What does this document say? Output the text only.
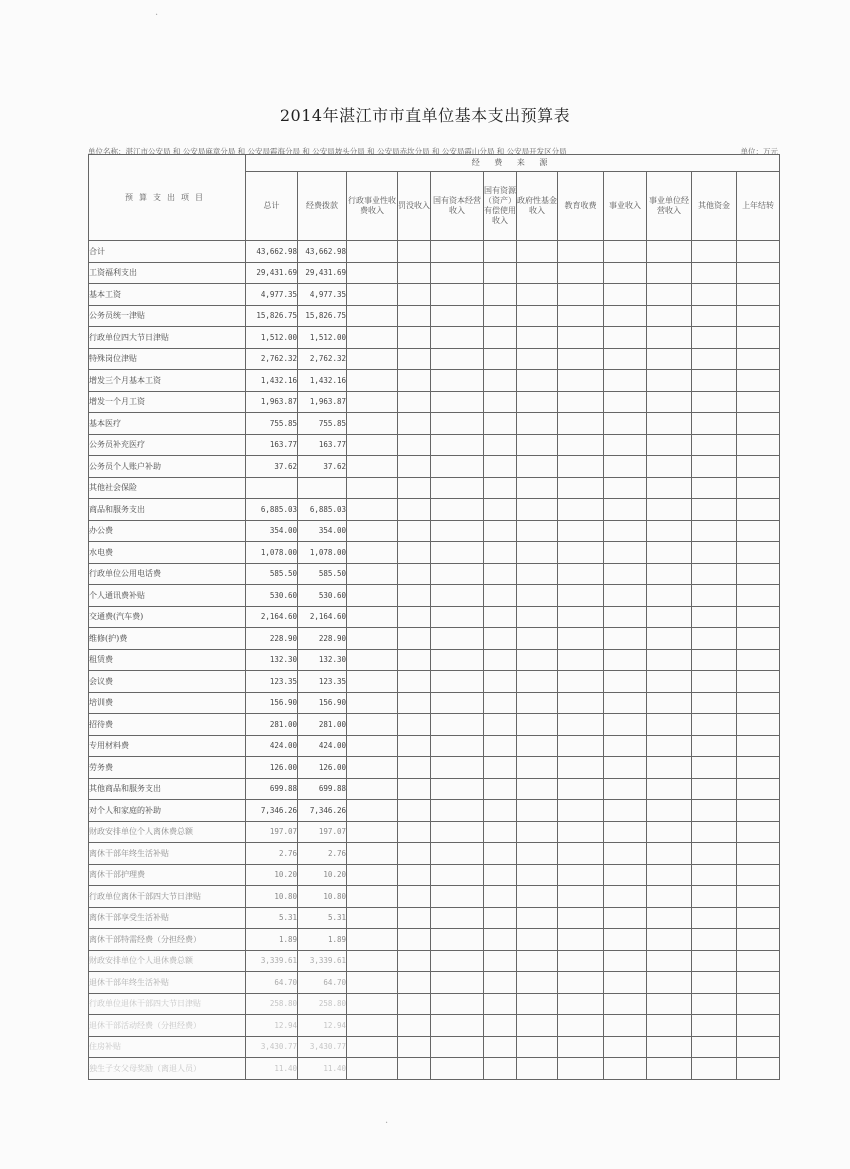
2014年湛江市市直单位基本支出预算表
单位名称：湛江市公安局 和 公安局麻章分局 和 公安局霞海分局 和 公安局坡头分局 和 公安局赤坎分局 和 公安局霞山分局 和 公安局开发区分局	单位：万元
预算支出项目	经 费 来 源											
	总计	经费拨款	行政事业性收费收入	罚没收入	国有资本经营收入	国有资源（资产）有偿使用收入	政府性基金收入	教育收费	事业收入	事业单位经营收入	其他资金	上年结转
合计	43,662.98	43,662.98										
工资福利支出	29,431.69	29,431.69										
基本工资	4,977.35	4,977.35										
公务员统一津贴	15,826.75	15,826.75										
行政单位四大节日津贴	1,512.00	1,512.00										
特殊岗位津贴	2,762.32	2,762.32										
增发三个月基本工资	1,432.16	1,432.16										
增发一个月工资	1,963.87	1,963.87										
基本医疗	755.85	755.85										
公务员补充医疗	163.77	163.77										
公务员个人账户补助	37.62	37.62										
其他社会保险												
商品和服务支出	6,885.03	6,885.03										
办公费	354.00	354.00										
水电费	1,078.00	1,078.00										
行政单位公用电话费	585.50	585.50										
个人通讯费补贴	530.60	530.60										
交通费(汽车费)	2,164.60	2,164.60										
维修(护)费	228.90	228.90										
租赁费	132.30	132.30										
会议费	123.35	123.35										
培训费	156.90	156.90										
招待费	281.00	281.00										
专用材料费	424.00	424.00										
劳务费	126.00	126.00										
其他商品和服务支出	699.88	699.88										
对个人和家庭的补助	7,346.26	7,346.26										
财政安排单位个人离休费总额	197.07	197.07										
离休干部年终生活补贴	2.76	2.76										
离休干部护理费	10.20	10.20										
行政单位离休干部四大节日津贴	10.80	10.80										
离休干部享受生活补贴	5.31	5.31										
离休干部特需经费（分担经费）	1.89	1.89										
财政安排单位个人退休费总额	3,339.61	3,339.61										
退休干部年终生活补贴	64.70	64.70										
行政单位退休干部四大节日津贴	258.80	258.80										
退休干部活动经费（分担经费）	12.94	12.94										
住房补贴	3,430.77	3,430.77										
独生子女父母奖励（离退人员）	11.40	11.40										
·
·
